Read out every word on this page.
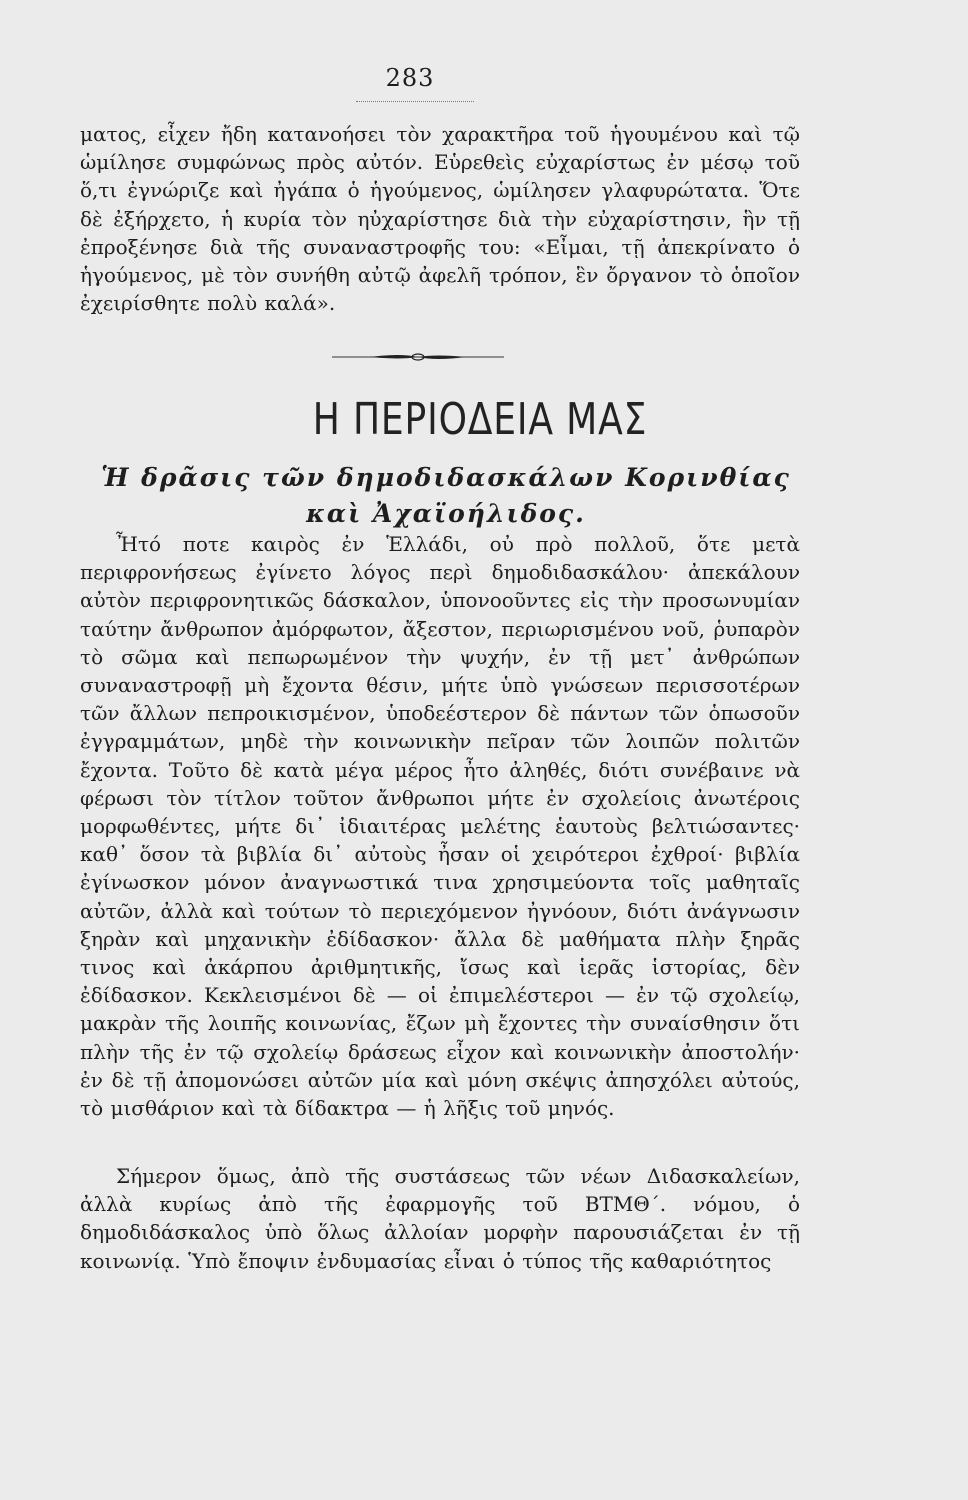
283

ματος, εἶχεν ἤδη κατανοήσει τὸν χαρακτῆρα τοῦ ἡγουμένου καὶ τῷ ὡμίλησε συμφώνως πρὸς αὐτόν. Εὑρεθεὶς εὐχαρίστως ἐν μέσῳ τοῦ ὅ,τι ἐγνώριζε καὶ ἠγάπα ὁ ἡγούμενος, ὡμίλησεν γλαφυρώτατα. Ὅτε δὲ ἐξήρχετο, ἡ κυρία τὸν ηὐχαρίστησε διὰ τὴν εὐχαρίστησιν, ἣν τῇ ἐπροξένησε διὰ τῆς συναναστροφῆς του: «Εἶμαι, τῇ ἀπεκρίνατο ὁ ἡγούμενος, μὲ τὸν συνήθη αὐτῷ ἀφελῆ τρόπον, ἓν ὄργανον τὸ ὁποῖον ἐχειρίσθητε πολὺ καλά».

Η ΠΕΡΙΟΔΕΙΑ ΜΑΣ
Ἡ δρᾶσις τῶν δημοδιδασκάλων Κορινθίας
καὶ Ἀχαϊοήλιδος.

Ἦτό ποτε καιρὸς ἐν Ἑλλάδι, οὐ πρὸ πολλοῦ, ὅτε μετὰ περιφρονήσεως ἐγίνετο λόγος περὶ δημοδιδασκάλου· ἀπεκάλουν αὐτὸν περιφρονητικῶς δάσκαλον, ὑπονοοῦντες εἰς τὴν προσωνυμίαν ταύτην ἄνθρωπον ἀμόρφωτον, ἄξεστον, περιωρισμένου νοῦ, ῥυπαρὸν τὸ σῶμα καὶ πεπωρωμένον τὴν ψυχήν, ἐν τῇ μετ᾽ ἀνθρώπων συναναστροφῇ μὴ ἔχοντα θέσιν, μήτε ὑπὸ γνώσεων περισσοτέρων τῶν ἄλλων πεπροικισμένον, ὑποδεέστερον δὲ πάντων τῶν ὁπωσοῦν ἐγγραμμάτων, μηδὲ τὴν κοινωνικὴν πεῖραν τῶν λοιπῶν πολιτῶν ἔχοντα. Τοῦτο δὲ κατὰ μέγα μέρος ἦτο ἀληθές, διότι συνέβαινε νὰ φέρωσι τὸν τίτλον τοῦτον ἄνθρωποι μήτε ἐν σχολείοις ἀνωτέροις μορφωθέντες, μήτε δι᾽ ἰδιαιτέρας μελέτης ἑαυτοὺς βελτιώσαντες· καθ᾽ ὅσον τὰ βιβλία δι᾽ αὐτοὺς ἦσαν οἱ χειρότεροι ἐχθροί· βιβλία ἐγίνωσκον μόνον ἀναγνωστικά τινα χρησιμεύοντα τοῖς μαθηταῖς αὐτῶν, ἀλλὰ καὶ τούτων τὸ περιεχόμενον ἠγνόουν, διότι ἀνάγνωσιν ξηρὰν καὶ μηχανικὴν ἐδίδασκον· ἄλλα δὲ μαθήματα πλὴν ξηρᾶς τινος καὶ ἀκάρπου ἀριθμητικῆς, ἴσως καὶ ἱερᾶς ἱστορίας, δὲν ἐδίδασκον. Κεκλεισμένοι δὲ — οἱ ἐπιμελέστεροι — ἐν τῷ σχολείῳ, μακρὰν τῆς λοιπῆς κοινωνίας, ἔζων μὴ ἔχοντες τὴν συναίσθησιν ὅτι πλὴν τῆς ἐν τῷ σχολείῳ δράσεως εἶχον καὶ κοινωνικὴν ἀποστολήν· ἐν δὲ τῇ ἀπομονώσει αὐτῶν μία καὶ μόνη σκέψις ἀπησχόλει αὐτούς, τὸ μισθάριον καὶ τὰ δίδακτρα — ἡ λῆξις τοῦ μηνός.

Σήμερον ὅμως, ἀπὸ τῆς συστάσεως τῶν νέων Διδασκαλείων, ἀλλὰ κυρίως ἀπὸ τῆς ἐφαρμογῆς τοῦ ΒΤΜΘ΄. νόμου, ὁ δημοδιδάσκαλος ὑπὸ ὅλως ἀλλοίαν μορφὴν παρουσιάζεται ἐν τῇ κοινωνίᾳ. Ὑπὸ ἔποψιν ἐνδυμασίας εἶναι ὁ τύπος τῆς καθαριότητος
